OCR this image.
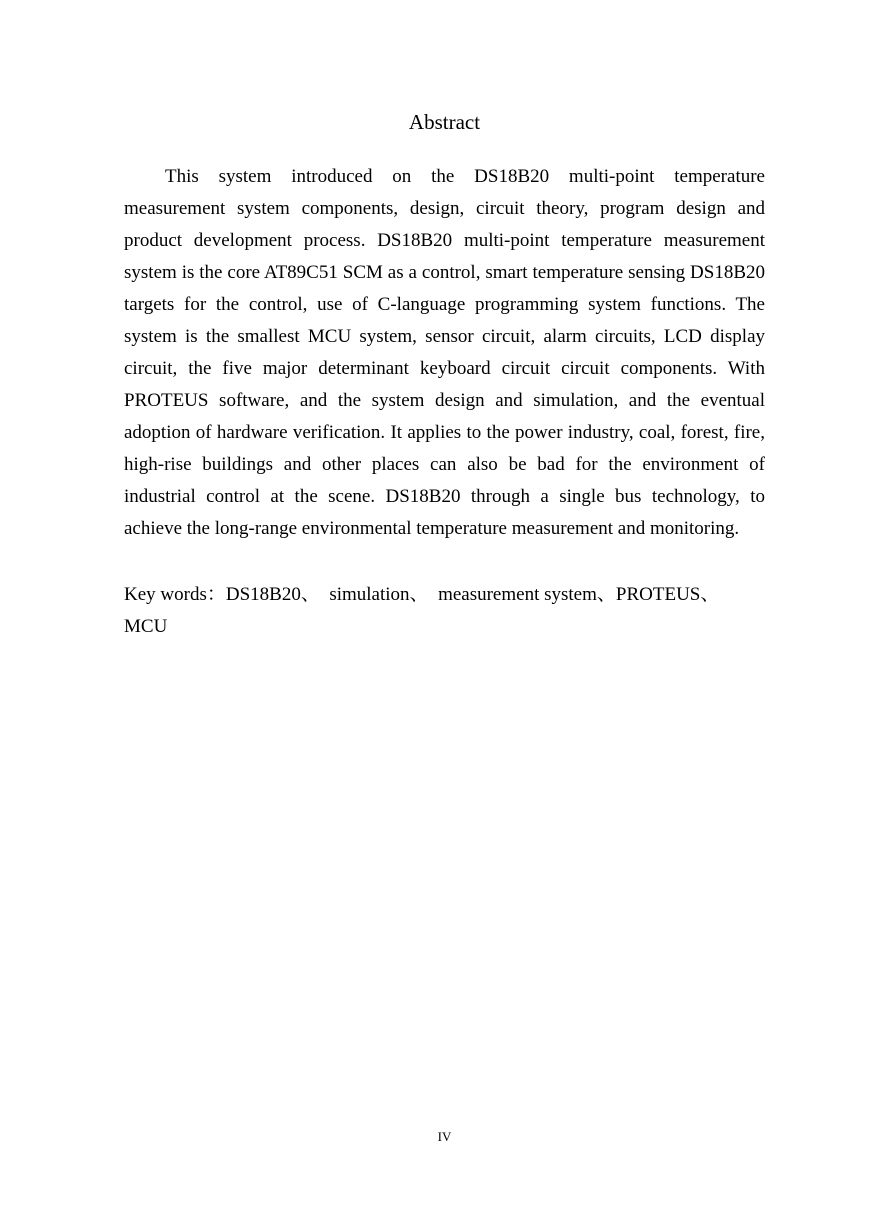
Abstract

This system introduced on the DS18B20 multi-point temperature measurement system components, design, circuit theory, program design and product development process. DS18B20 multi-point temperature measurement system is the core AT89C51 SCM as a control, smart temperature sensing DS18B20 targets for the control, use of C-language programming system functions. The system is the smallest MCU system, sensor circuit, alarm circuits, LCD display circuit, the five major determinant keyboard circuit circuit components. With PROTEUS software, and the system design and simulation, and the eventual adoption of hardware verification. It applies to the power industry, coal, forest, fire, high-rise buildings and other places can also be bad for the environment of industrial control at the scene. DS18B20 through a single bus technology, to achieve the long-range environmental temperature measurement and monitoring.

Key words：DS18B20、 simulation、 measurement system、PROTEUS、 MCU

IV
